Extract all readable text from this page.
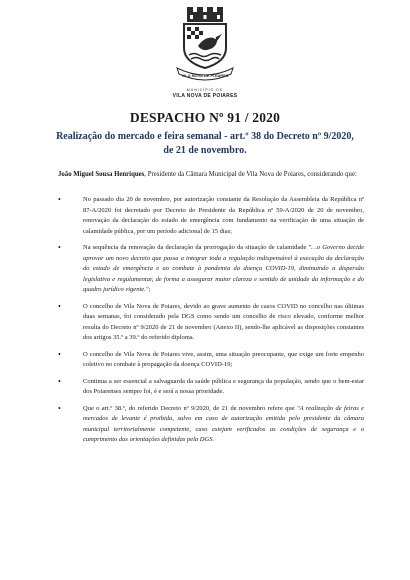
VILA NOVA DE POIARES
MUNICÍPIO DE
VILA NOVA DE POIARES
DESPACHO Nº 91 / 2020
Realização do mercado e feira semanal - art.º 38 do Decreto nº 9/2020, de 21 de novembro.
João Miguel Sousa Henriques, Presidente da Câmara Municipal de Vila Nova de Poiares, considerando que:
•	No passado dia 20 de novembro, por autorização constante da Resolução da Assembleia da República nº 87-A/2020 foi decretado por Decreto do Presidente da República nº 59-A/2020 de 20 de novembro, renovação da declaração do estado de emergência com fundamento na verificação de uma situação de calamidade pública, por um período adicional de 15 dias;
•	Na sequência da renovação da declaração da prorrogação da situação de calamidade "…o Governo decide aprovar um novo decreto que passa a integrar toda a regulação indispensável à execução da declaração do estado de emergência e ao combate à pandemia da doença COVID-19, diminuindo a dispersão legislativa e regulamentar, de forma a assegurar maior clareza e sentido de unidade da informação e do quadro jurídico vigente.";
•	O concelho de Vila Nova de Poiares, devido ao grave aumento de casos COVID no concelho nas últimas duas semanas, foi considerado pela DGS como sendo um concelho de risco elevado, conforme melhor resulta do Decreto nº 9/2020 de 21 de novembro (Anexo II), sendo-lhe aplicável as disposições constantes dos artigos 35.º a 39.º do referido diploma.
•	O concelho de Vila Nova de Poiares vive, assim, uma situação preocupante, que exige um forte empenho coletivo no combate à propagação da doença COVID-19;
•	Continua a ser essencial a salvaguarda da saúde pública e segurança da população, sendo que o bem-estar dos Poiarenses sempre foi, é e será a nossa prioridade.
•	Que o art.º 38.º, do referido Decreto nº 9/2020, de 21 de novembro refere que "A realização de feiras e mercados de levante é proibida, salvo em caso de autorização emitida pelo presidente da câmara municipal territorialmente competente, caso estejam verificados as condições de segurança e o cumprimento das orientações definidas pela DGS.
